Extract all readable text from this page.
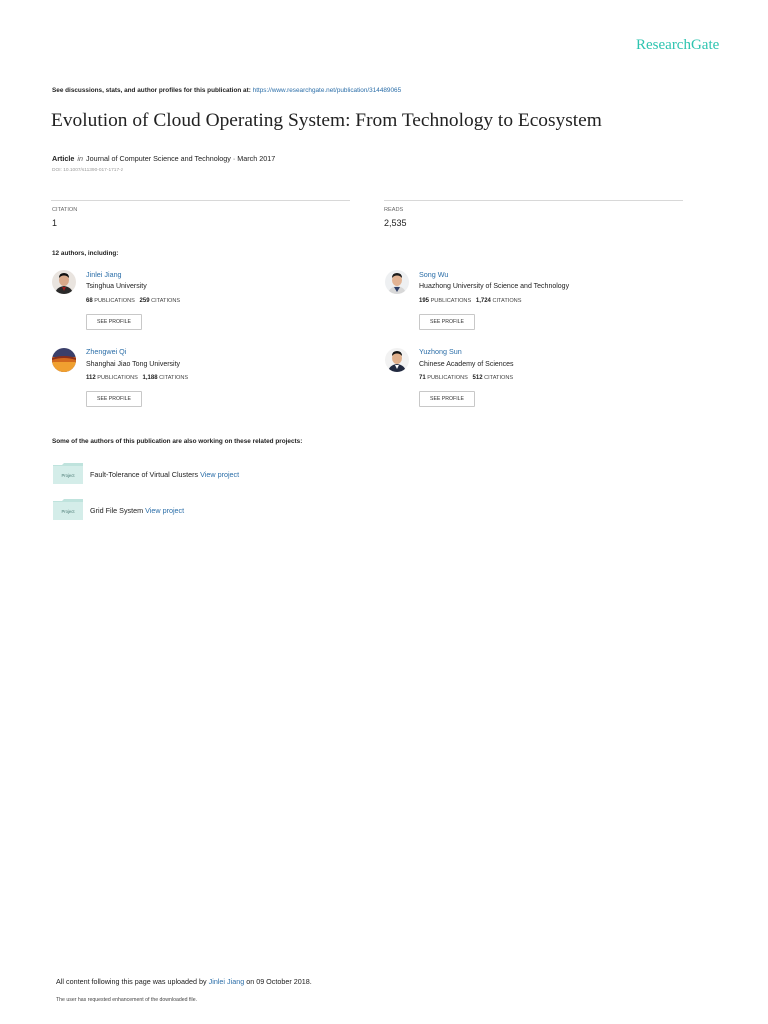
ResearchGate
See discussions, stats, and author profiles for this publication at: https://www.researchgate.net/publication/314489065
Evolution of Cloud Operating System: From Technology to Ecosystem
Article in Journal of Computer Science and Technology · March 2017
DOI: 10.1007/s11390-017-1717-z
CITATION
1
READS
2,535
12 authors, including:
Jinlei Jiang
Tsinghua University
68 PUBLICATIONS 259 CITATIONS
SEE PROFILE
Song Wu
Huazhong University of Science and Technology
195 PUBLICATIONS 1,724 CITATIONS
SEE PROFILE
Zhengwei Qi
Shanghai Jiao Tong University
112 PUBLICATIONS 1,188 CITATIONS
SEE PROFILE
Yuzhong Sun
Chinese Academy of Sciences
71 PUBLICATIONS 512 CITATIONS
SEE PROFILE
Some of the authors of this publication are also working on these related projects:
Project Fault-Tolerance of Virtual Clusters View project
Project Grid File System View project
All content following this page was uploaded by Jinlei Jiang on 09 October 2018.
The user has requested enhancement of the downloaded file.
